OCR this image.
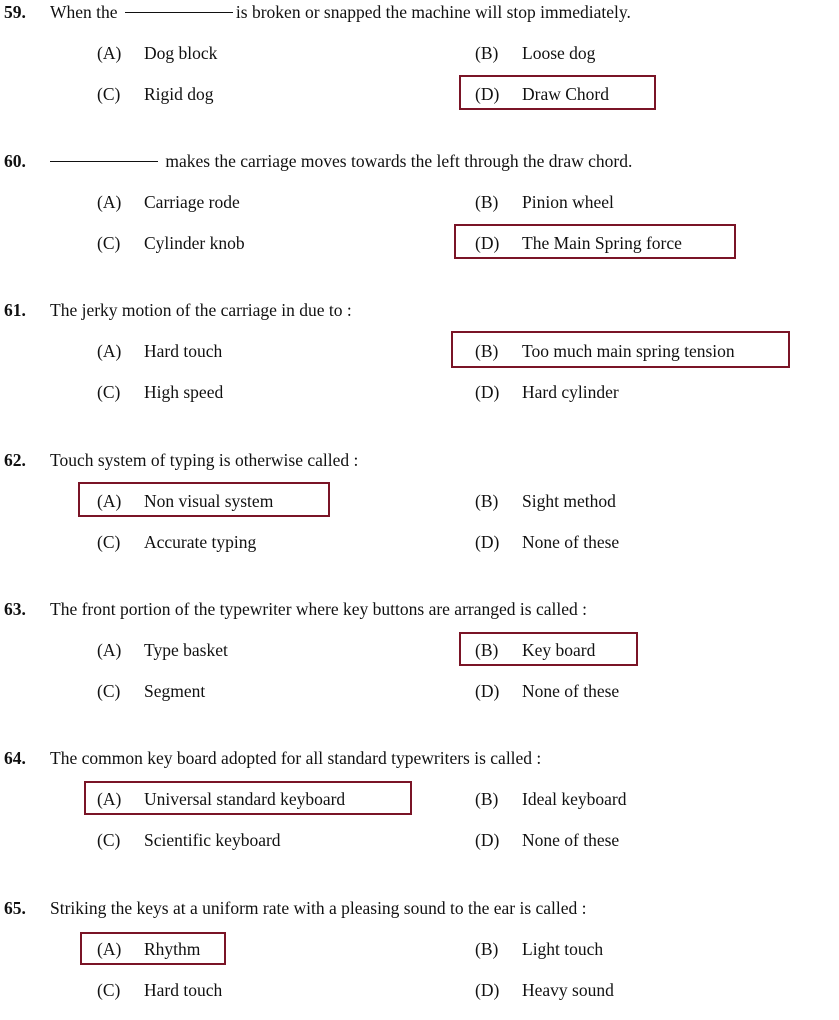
59. When the	is broken or snapped the machine will stop immediately.
(A) Dog block	(B) Loose dog
(C) Rigid dog	(D) Draw Chord
60.	makes the carriage moves towards the left through the draw chord.
(A) Carriage rode	(B) Pinion wheel
(C) Cylinder knob	(D) The Main Spring force
61. The jerky motion of the carriage in due to :
(A) Hard touch	(B) Too much main spring tension
(C) High speed	(D) Hard cylinder
62. Touch system of typing is otherwise called :
(A) Non visual system	(B) Sight method
(C) Accurate typing	(D) None of these
63. The front portion of the typewriter where key buttons are arranged is called :
(A) Type basket	(B) Key board
(C) Segment	(D) None of these
64. The common key board adopted for all standard typewriters is called :
(A) Universal standard keyboard	(B) Ideal keyboard
(C) Scientific keyboard	(D) None of these
65. Striking the keys at a uniform rate with a pleasing sound to the ear is called :
(A) Rhythm	(B) Light touch
(C) Hard touch	(D) Heavy sound
